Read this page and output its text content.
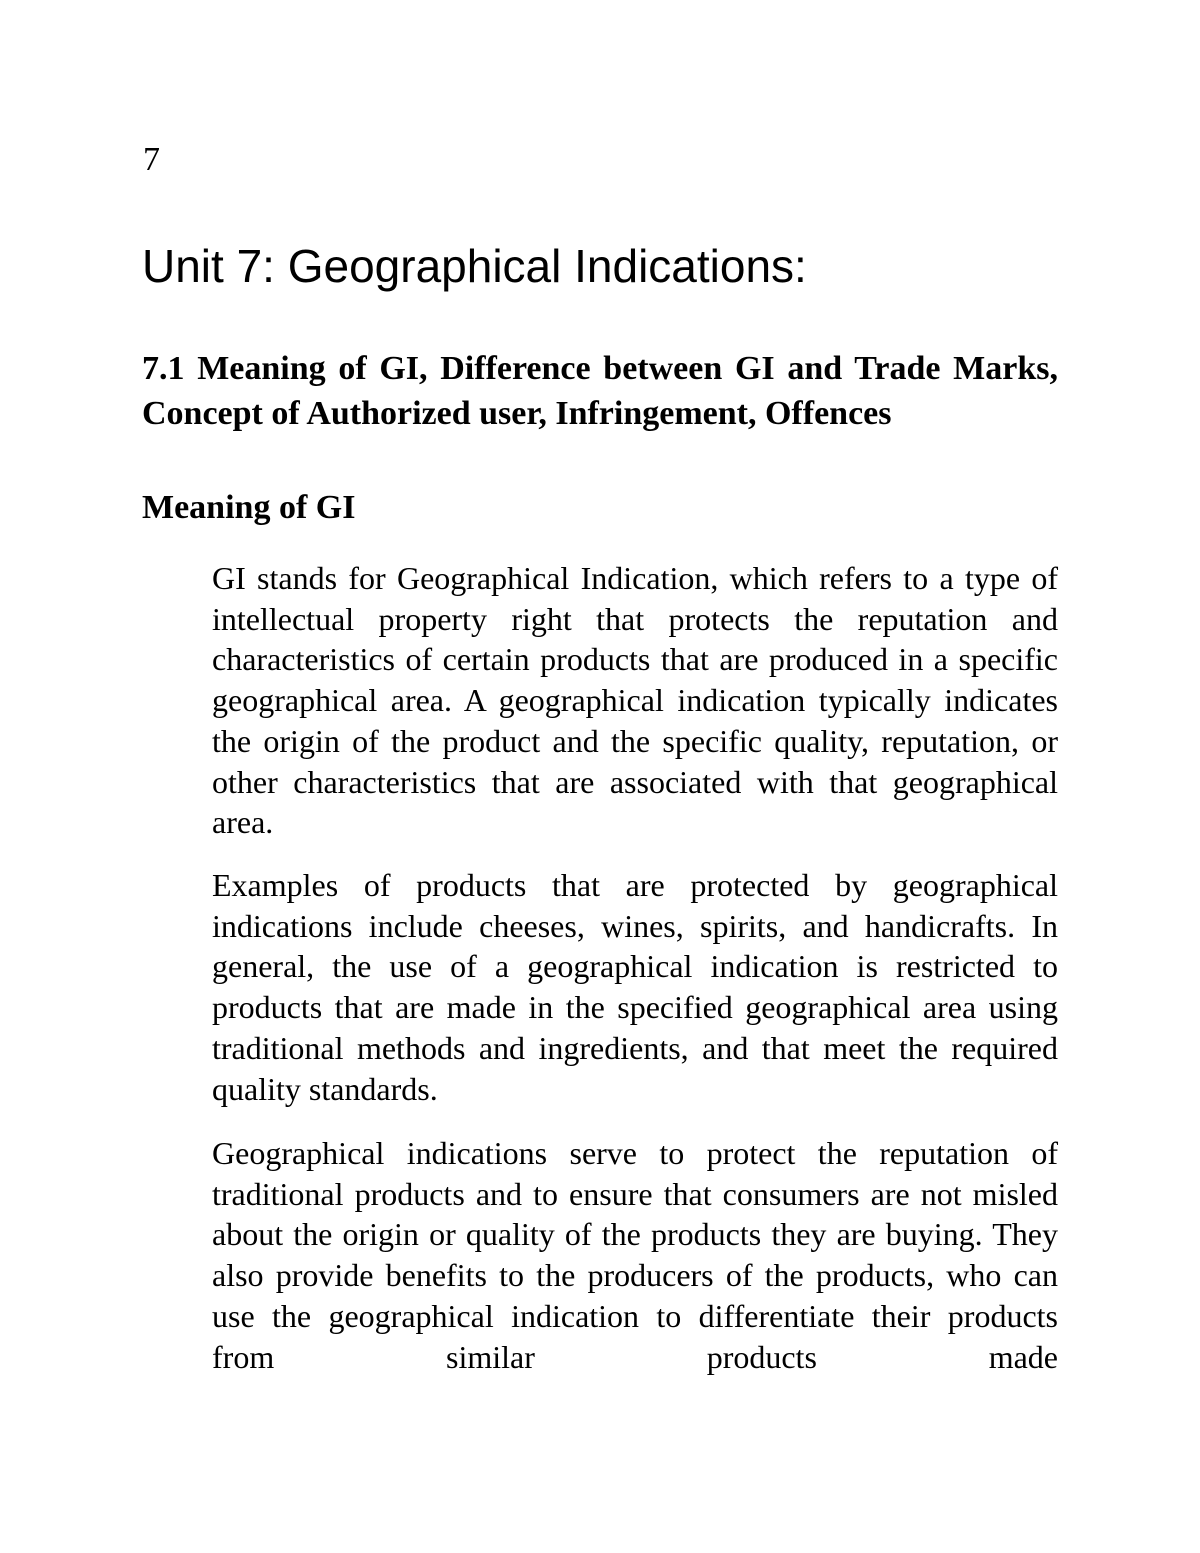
7

Unit 7: Geographical Indications:
7.1 Meaning of GI, Difference between GI and Trade Marks, Concept of Authorized user, Infringement, Offences
Meaning of GI

GI stands for Geographical Indication, which refers to a type of intellectual property right that protects the reputation and characteristics of certain products that are produced in a specific geographical area. A geographical indication typically indicates the origin of the product and the specific quality, reputation, or other characteristics that are associated with that geographical area.

Examples of products that are protected by geographical indications include cheeses, wines, spirits, and handicrafts. In general, the use of a geographical indication is restricted to products that are made in the specified geographical area using traditional methods and ingredients, and that meet the required quality standards.

Geographical indications serve to protect the reputation of traditional products and to ensure that consumers are not misled about the origin or quality of the products they are buying. They also provide benefits to the producers of the products, who can use the geographical indication to differentiate their products from similar products made
